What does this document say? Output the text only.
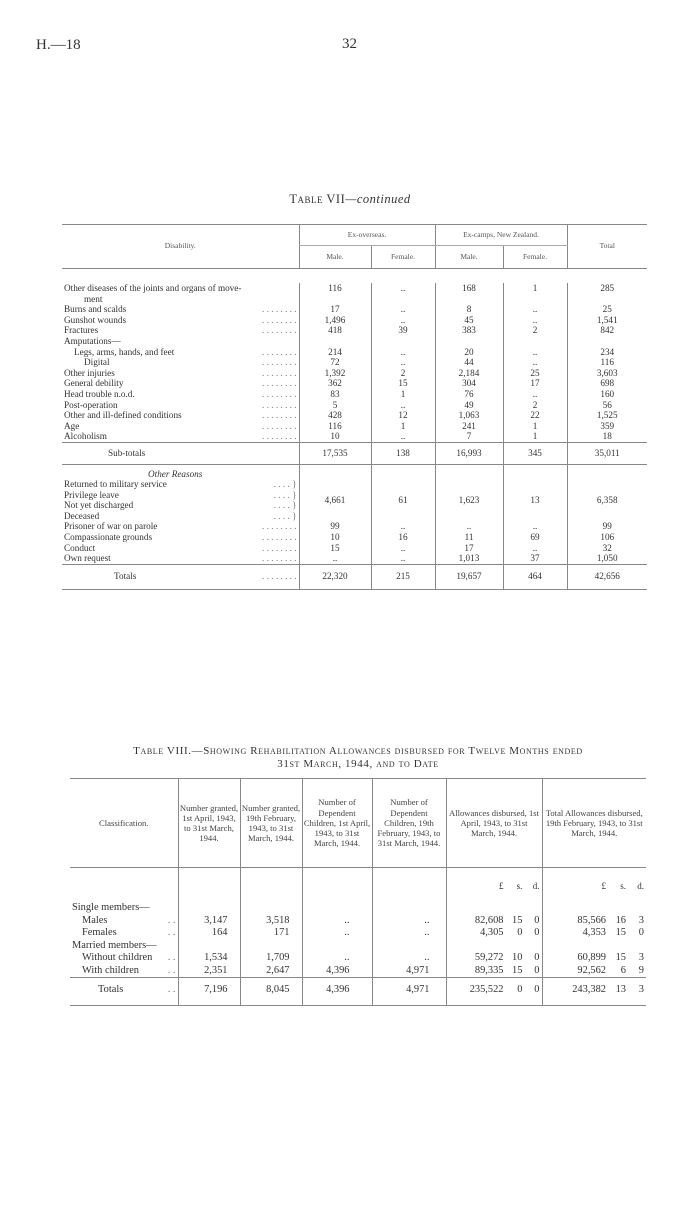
H.—18	32
Table VII—continued
Disability.	Ex-overseas.		Ex-camps, New Zealand.		Total
	Male.	Female.	Male.	Female.	

Other diseases of the joints and organs of move-	116	..	168	1	285

ment					

Burns and scalds . . . . . . . .	17	..	8	..	25

Gunshot wounds . . . . . . . .	1,496	..	45	..	1,541

Fractures . . . . . . . .	418	39	383	2	842

Amputations—					

Legs, arms, hands, and feet . . . . . . . .	214	..	20	..	234

Digital . . . . . . . .	72	..	44	..	116

Other injuries . . . . . . . .	1,392	2	2,184	25	3,603

General debility . . . . . . . .	362	15	304	17	698

Head trouble n.o.d. . . . . . . . .	83	1	76	..	160

Post-operation . . . . . . . .	5	..	49	2	56

Other and ill-defined conditions . . . . . . . .	428	12	1,063	22	1,525

Age . . . . . . . .	116	1	241	1	359

Alcoholism . . . . . . . .	10	..	7	1	18
Sub-totals	17,535	138	16,993	345	35,011
Other Reasons					

Returned to military service . . . . }	4,661	61	1,623	13	6,358

Privilege leave . . . . }					

Not yet discharged . . . . }					

Deceased . . . . }					

Prisoner of war on parole . . . . . . . .	99	..	..	..	99

Compassionate grounds . . . . . . . .	10	16	11	69	106

Conduct . . . . . . . .	15	..	17	..	32

Own request . . . . . . . .	..	..	1,013	37	1,050

Totals . . . . . . . .	22,320	215	19,657	464	42,656
Table VIII.—Showing Rehabilitation Allowances disbursed for Twelve Months ended
31st March, 1944, and to Date
Classification.	Number granted, 1st April, 1943, to 31st March, 1944.	Number granted, 19th February, 1943, to 31st March, 1944.	Number of Dependent Children, 1st April, 1943, to 31st March, 1944.	Number of Dependent Children, 19th February, 1943, to 31st March, 1944.	Allowances disbursed, 1st April, 1943, to 31st March, 1944.	Total Allowances disbursed, 19th February, 1943, to 31st March, 1944.

					£ s. d.	£ s. d.

Single members—						

Males . .	3,147	3,518	..	..	82,608 15 0	85,566 16 3

Females . .	164	171	..	..	4,305 0 0	4,353 15 0

Married members—						

Without children . .	1,534	1,709	..	..	59,272 10 0	60,899 15 3

With children . .	2,351	2,647	4,396	4,971	89,335 15 0	92,562 6 9

Totals . .	7,196	8,045	4,396	4,971	235,522 0 0	243,382 13 3
